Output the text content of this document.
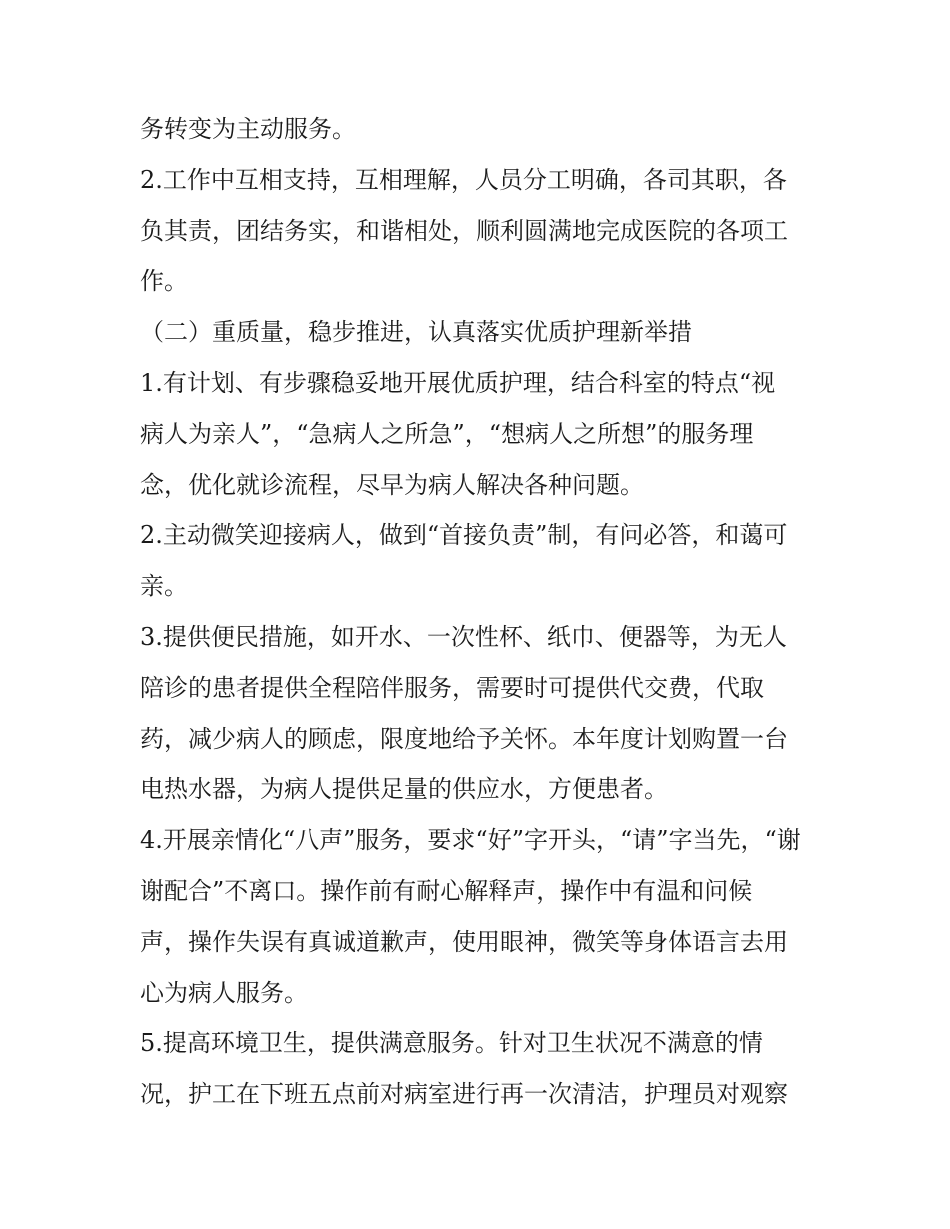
务转变为主动服务。
2.工作中互相支持，互相理解，人员分工明确，各司其职，各
负其责，团结务实，和谐相处，顺利圆满地完成医院的各项工
作。
（二）重质量，稳步推进，认真落实优质护理新举措
1.有计划、有步骤稳妥地开展优质护理，结合科室的特点“视
病人为亲人”，“急病人之所急”，“想病人之所想”的服务理
念，优化就诊流程，尽早为病人解决各种问题。
2.主动微笑迎接病人，做到“首接负责”制，有问必答，和蔼可
亲。
3.提供便民措施，如开水、一次性杯、纸巾、便器等，为无人
陪诊的患者提供全程陪伴服务，需要时可提供代交费，代取
药，减少病人的顾虑，限度地给予关怀。本年度计划购置一台
电热水器，为病人提供足量的供应水，方便患者。
4.开展亲情化“八声”服务，要求“好”字开头，“请”字当先，“谢
谢配合”不离口。操作前有耐心解释声，操作中有温和问候
声，操作失误有真诚道歉声，使用眼神，微笑等身体语言去用
心为病人服务。
5.提高环境卫生，提供满意服务。针对卫生状况不满意的情
况，护工在下班五点前对病室进行再一次清洁，护理员对观察
